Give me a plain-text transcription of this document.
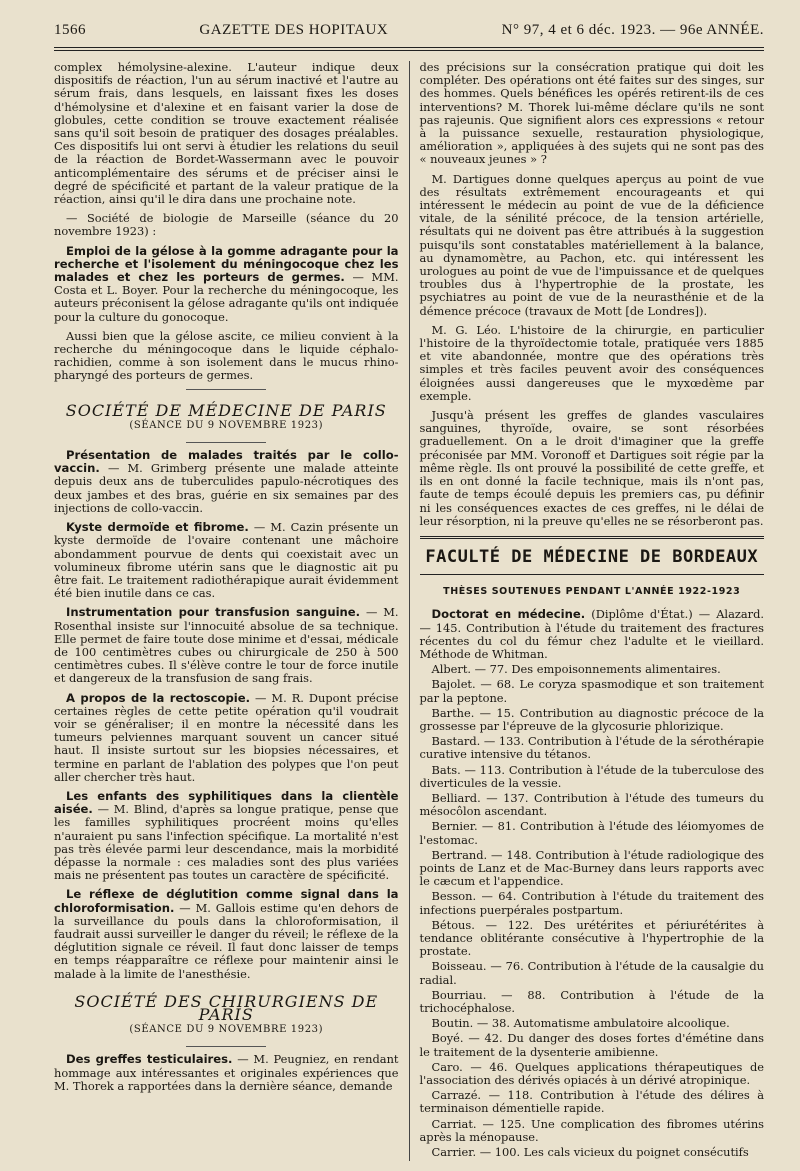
1566	GAZETTE DES HOPITAUX	N° 97, 4 et 6 déc. 1923. — 96e ANNÉE.

complex hémolysine-alexine. L'auteur indique deux dispositifs de réaction, l'un au sérum inactivé et l'autre au sérum frais, dans lesquels, en laissant fixes les doses d'hémolysine et d'alexine et en faisant varier la dose de globules, cette condition se trouve exactement réalisée sans qu'il soit besoin de pratiquer des dosages préalables. Ces dispositifs lui ont servi à étudier les relations du seuil de la réaction de Bordet-Wassermann avec le pouvoir anticomplémentaire des sérums et de préciser ainsi le degré de spécificité et partant de la valeur pratique de la réaction, ainsi qu'il le dira dans une prochaine note.

— Société de biologie de Marseille (séance du 20 novembre 1923) :

Emploi de la gélose à la gomme adragante pour la recherche et l'isolement du méningocoque chez les malades et chez les porteurs de germes. — MM. Costa et L. Boyer. Pour la recherche du méningocoque, les auteurs préconisent la gélose adragante qu'ils ont indiquée pour la culture du gonocoque.

Aussi bien que la gélose ascite, ce milieu convient à la recherche du méningocoque dans le liquide céphalo-rachidien, comme à son isolement dans le mucus rhino-pharyngé des porteurs de germes.

SOCIÉTÉ DE MÉDECINE DE PARIS
(SÉANCE DU 9 NOVEMBRE 1923)

Présentation de malades traités par le collo-vaccin. — M. Grimberg présente une malade atteinte depuis deux ans de tuberculides papulo-nécrotiques des deux jambes et des bras, guérie en six semaines par des injections de collo-vaccin.

Kyste dermoïde et fibrome. — M. Cazin présente un kyste dermoïde de l'ovaire contenant une mâchoire abondamment pourvue de dents qui coexistait avec un volumineux fibrome utérin sans que le diagnostic ait pu être fait. Le traitement radiothérapique aurait évidemment été bien inutile dans ce cas.

Instrumentation pour transfusion sanguine. — M. Rosenthal insiste sur l'innocuité absolue de sa technique. Elle permet de faire toute dose minime et d'essai, médicale de 100 centimètres cubes ou chirurgicale de 250 à 500 centimètres cubes. Il s'élève contre le tour de force inutile et dangereux de la transfusion de sang frais.

A propos de la rectoscopie. — M. R. Dupont précise certaines règles de cette petite opération qu'il voudrait voir se généraliser; il en montre la nécessité dans les tumeurs pelviennes marquant souvent un cancer situé haut. Il insiste surtout sur les biopsies nécessaires, et termine en parlant de l'ablation des polypes que l'on peut aller chercher très haut.

Les enfants des syphilitiques dans la clientèle aisée. — M. Blind, d'après sa longue pratique, pense que les familles syphilitiques procréent moins qu'elles n'auraient pu sans l'infection spécifique. La mortalité n'est pas très élevée parmi leur descendance, mais la morbidité dépasse la normale : ces maladies sont des plus variées mais ne présentent pas toutes un caractère de spécificité.

Le réflexe de déglutition comme signal dans la chloroformisation. — M. Gallois estime qu'en dehors de la surveillance du pouls dans la chloroformisation, il faudrait aussi surveiller le danger du réveil; le réflexe de la déglutition signale ce réveil. Il faut donc laisser de temps en temps réapparaître ce réflexe pour maintenir ainsi le malade à la limite de l'anesthésie.

SOCIÉTÉ DES CHIRURGIENS DE PARIS
(SÉANCE DU 9 NOVEMBRE 1923)

Des greffes testiculaires. — M. Peugniez, en rendant hommage aux intéressantes et originales expériences que M. Thorek a rapportées dans la dernière séance, demande

des précisions sur la consécration pratique qui doit les compléter. Des opérations ont été faites sur des singes, sur des hommes. Quels bénéfices les opérés retirent-ils de ces interventions? M. Thorek lui-même déclare qu'ils ne sont pas rajeunis. Que signifient alors ces expressions « retour à la puissance sexuelle, restauration physiologique, amélioration », appliquées à des sujets qui ne sont pas des « nouveaux jeunes » ?

M. Dartigues donne quelques aperçus au point de vue des résultats extrêmement encourageants et qui intéressent le médecin au point de vue de la déficience vitale, de la sénilité précoce, de la tension artérielle, résultats qui ne doivent pas être attribués à la suggestion puisqu'ils sont constatables matériellement à la balance, au dynamomètre, au Pachon, etc. qui intéressent les urologues au point de vue de l'impuissance et de quelques troubles dus à l'hypertrophie de la prostate, les psychiatres au point de vue de la neurasthénie et de la démence précoce (travaux de Mott [de Londres]).

M. G. Léo. L'histoire de la chirurgie, en particulier l'histoire de la thyroïdectomie totale, pratiquée vers 1885 et vite abandonnée, montre que des opérations très simples et très faciles peuvent avoir des conséquences éloignées aussi dangereuses que le myxœdème par exemple.

Jusqu'à présent les greffes de glandes vasculaires sanguines, thyroïde, ovaire, se sont résorbées graduellement. On a le droit d'imaginer que la greffe préconisée par MM. Voronoff et Dartigues soit régie par la même règle. Ils ont prouvé la possibilité de cette greffe, et ils en ont donné la facile technique, mais ils n'ont pas, faute de temps écoulé depuis les premiers cas, pu définir ni les conséquences exactes de ces greffes, ni le délai de leur résorption, ni la preuve qu'elles ne se résorberont pas.

FACULTÉ DE MÉDECINE DE BORDEAUX
THÈSES SOUTENUES PENDANT L'ANNÉE 1922-1923

Doctorat en médecine. (Diplôme d'État.) — Alazard. — 145. Contribution à l'étude du traitement des fractures récentes du col du fémur chez l'adulte et le vieillard. Méthode de Whitman.

Albert. — 77. Des empoisonnements alimentaires.

Bajolet. — 68. Le coryza spasmodique et son traitement par la peptone.

Barthe. — 15. Contribution au diagnostic précoce de la grossesse par l'épreuve de la glycosurie phlorizique.

Bastard. — 133. Contribution à l'étude de la sérothérapie curative intensive du tétanos.

Bats. — 113. Contribution à l'étude de la tuberculose des diverticules de la vessie.

Belliard. — 137. Contribution à l'étude des tumeurs du mésocôlon ascendant.

Bernier. — 81. Contribution à l'étude des léiomyomes de l'estomac.

Bertrand. — 148. Contribution à l'étude radiologique des points de Lanz et de Mac-Burney dans leurs rapports avec le cæcum et l'appendice.

Besson. — 64. Contribution à l'étude du traitement des infections puerpérales postpartum.

Bétous. — 122. Des urétérites et périurétérites à tendance oblitérante consécutive à l'hypertrophie de la prostate.

Boisseau. — 76. Contribution à l'étude de la causalgie du radial.

Bourriau. — 88. Contribution à l'étude de la trichocéphalose.

Boutin. — 38. Automatisme ambulatoire alcoolique.

Boyé. — 42. Du danger des doses fortes d'émétine dans le traitement de la dysenterie amibienne.

Caro. — 46. Quelques applications thérapeutiques de l'association des dérivés opiacés à un dérivé atropinique.

Carrazé. — 118. Contribution à l'étude des délires à terminaison démentielle rapide.

Carriat. — 125. Une complication des fibromes utérins après la ménopause.

Carrier. — 100. Les cals vicieux du poignet consécutifs
